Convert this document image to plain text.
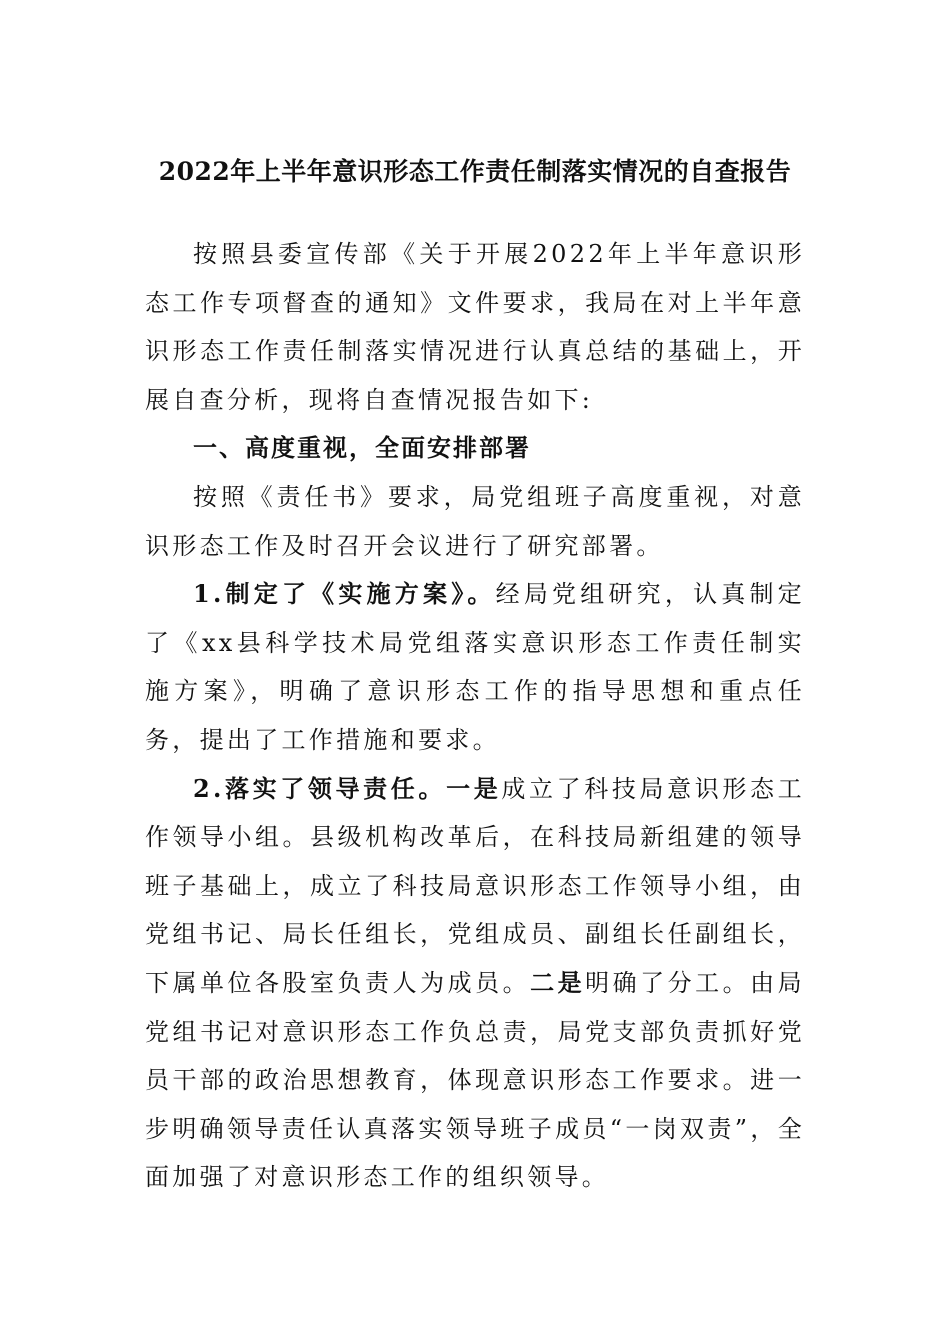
2022年上半年意识形态工作责任制落实情况的自查报告

按照县委宣传部《关于开展2022年上半年意识形态工作专项督查的通知》文件要求，我局在对上半年意识形态工作责任制落实情况进行认真总结的基础上，开展自查分析，现将自查情况报告如下:

一、高度重视，全面安排部署

按照《责任书》要求，局党组班子高度重视，对意识形态工作及时召开会议进行了研究部署。

1.制定了《实施方案》。经局党组研究，认真制定了《xx县科学技术局党组落实意识形态工作责任制实施方案》，明确了意识形态工作的指导思想和重点任务，提出了工作措施和要求。

2.落实了领导责任。一是成立了科技局意识形态工作领导小组。县级机构改革后，在科技局新组建的领导班子基础上，成立了科技局意识形态工作领导小组，由党组书记、局长任组长，党组成员、副组长任副组长，下属单位各股室负责人为成员。二是明确了分工。由局党组书记对意识形态工作负总责，局党支部负责抓好党员干部的政治思想教育，体现意识形态工作要求。进一步明确领导责任认真落实领导班子成员“一岗双责”，全面加强了对意识形态工作的组织领导。
